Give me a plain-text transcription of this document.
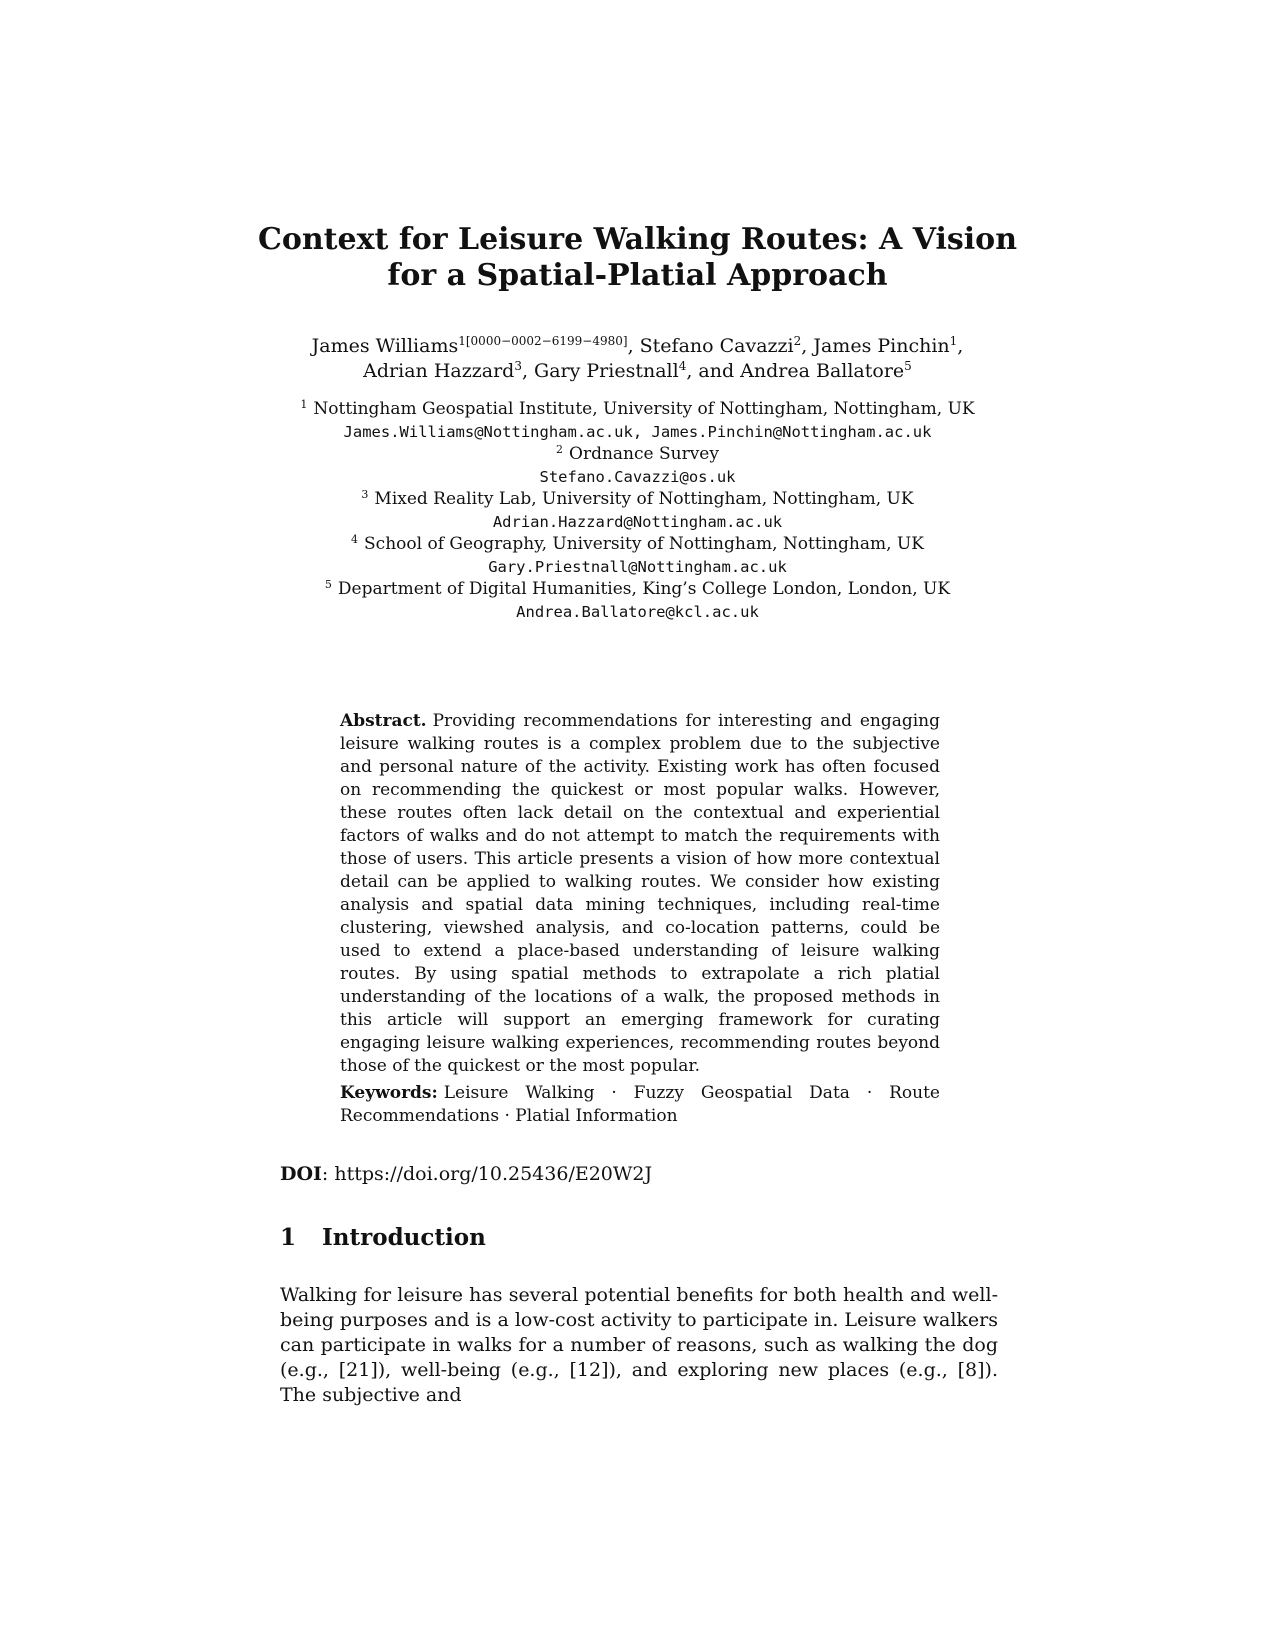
Context for Leisure Walking Routes: A Vision
for a Spatial-Platial Approach
James Williams$^{1[0000-0002-6199-4980]}$, Stefano Cavazzi$^2$, James Pinchin$^1$,
Adrian Hazzard$^3$, Gary Priestnall$^4$, and Andrea Ballatore$^5$
$^1$ Nottingham Geospatial Institute, University of Nottingham, Nottingham, UK
James.Williams@Nottingham.ac.uk, James.Pinchin@Nottingham.ac.uk
$^2$ Ordnance Survey
Stefano.Cavazzi@os.uk
$^3$ Mixed Reality Lab, University of Nottingham, Nottingham, UK
Adrian.Hazzard@Nottingham.ac.uk
$^4$ School of Geography, University of Nottingham, Nottingham, UK
Gary.Priestnall@Nottingham.ac.uk
$^5$ Department of Digital Humanities, King’s College London, London, UK
Andrea.Ballatore@kcl.ac.uk
Abstract. Providing recommendations for interesting and engaging leisure walking routes is a complex problem due to the subjective and personal nature of the activity. Existing work has often focused on recommending the quickest or most popular walks. However, these routes often lack detail on the contextual and experiential factors of walks and do not attempt to match the requirements with those of users. This article presents a vision of how more contextual detail can be applied to walking routes. We consider how existing analysis and spatial data mining techniques, including real-time clustering, viewshed analysis, and co-location patterns, could be used to extend a place-based understanding of leisure walking routes. By using spatial methods to extrapolate a rich platial understanding of the locations of a walk, the proposed methods in this article will support an emerging framework for curating engaging leisure walking experiences, recommending routes beyond those of the quickest or the most popular.
Keywords: Leisure Walking · Fuzzy Geospatial Data · Route Recommendations · Platial Information
DOI: https://doi.org/10.25436/E20W2J
1 Introduction
Walking for leisure has several potential benefits for both health and well-being purposes and is a low-cost activity to participate in. Leisure walkers can participate in walks for a number of reasons, such as walking the dog (e.g., [21]), well-being (e.g., [12]), and exploring new places (e.g., [8]). The subjective and
